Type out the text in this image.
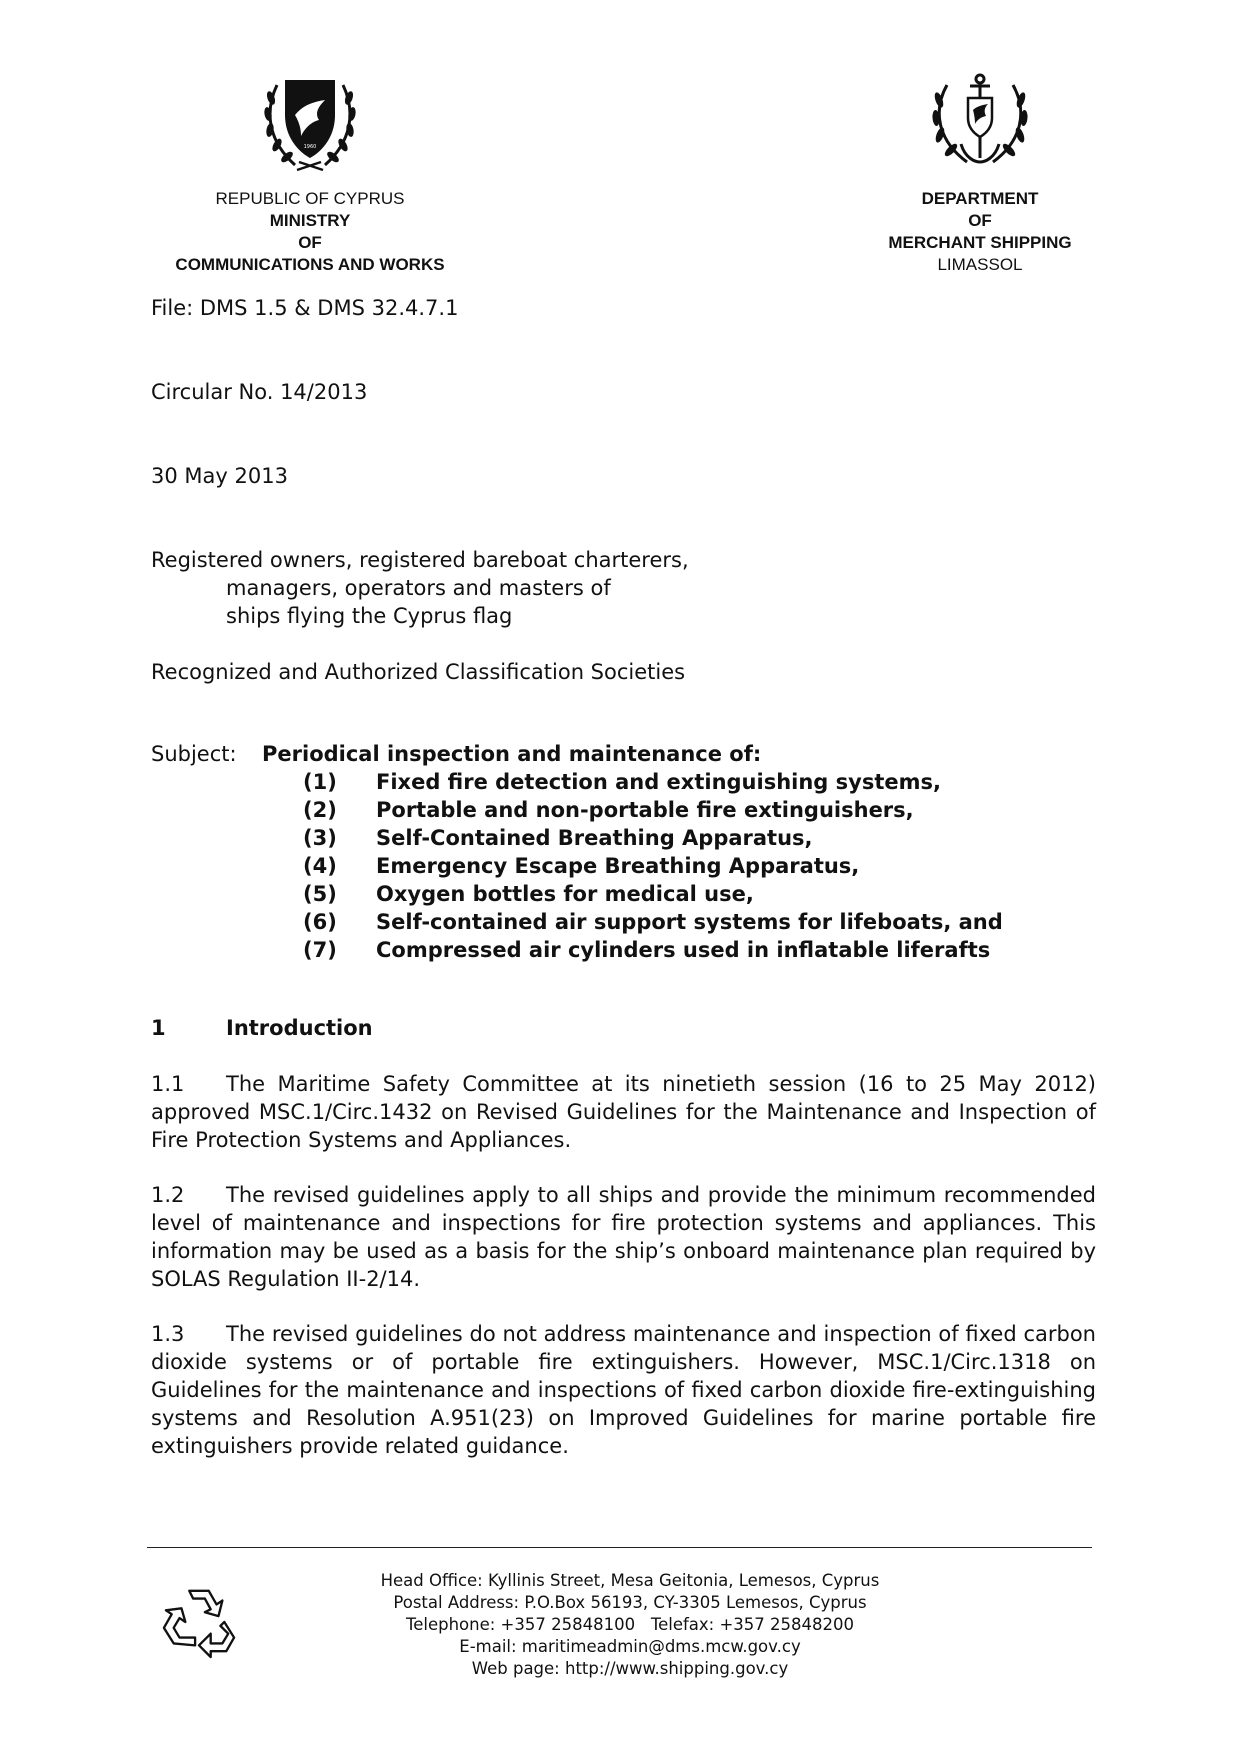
1960
REPUBLIC OF CYPRUS
MINISTRY
OF
COMMUNICATIONS AND WORKS
DEPARTMENT
OF
MERCHANT SHIPPING
LIMASSOL
File: DMS 1.5 & DMS 32.4.7.1
Circular No. 14/2013
30 May 2013
Registered owners, registered bareboat charterers,
managers, operators and masters of
ships flying the Cyprus flag
Recognized and Authorized Classification Societies
Subject: Periodical inspection and maintenance of:
(1) Fixed fire detection and extinguishing systems,
(2) Portable and non-portable fire extinguishers,
(3) Self-Contained Breathing Apparatus,
(4) Emergency Escape Breathing Apparatus,
(5) Oxygen bottles for medical use,
(6) Self-contained air support systems for lifeboats, and
(7) Compressed air cylinders used in inflatable liferafts
1	Introduction
1.1 The Maritime Safety Committee at its ninetieth session (16 to 25 May 2012) approved MSC.1/Circ.1432 on Revised Guidelines for the Maintenance and Inspection of Fire Protection Systems and Appliances.
1.2 The revised guidelines apply to all ships and provide the minimum recommended level of maintenance and inspections for fire protection systems and appliances. This information may be used as a basis for the ship’s onboard maintenance plan required by SOLAS Regulation II-2/14.
1.3 The revised guidelines do not address maintenance and inspection of fixed carbon dioxide systems or of portable fire extinguishers. However, MSC.1/Circ.1318 on Guidelines for the maintenance and inspections of fixed carbon dioxide fire-extinguishing systems and Resolution A.951(23) on Improved Guidelines for marine portable fire extinguishers provide related guidance.
Head Office: Kyllinis Street, Mesa Geitonia, Lemesos, Cyprus
Postal Address: P.O.Box 56193, CY-3305 Lemesos, Cyprus
Telephone: +357 25848100   Telefax: +357 25848200
E-mail: maritimeadmin@dms.mcw.gov.cy
Web page: http://www.shipping.gov.cy
